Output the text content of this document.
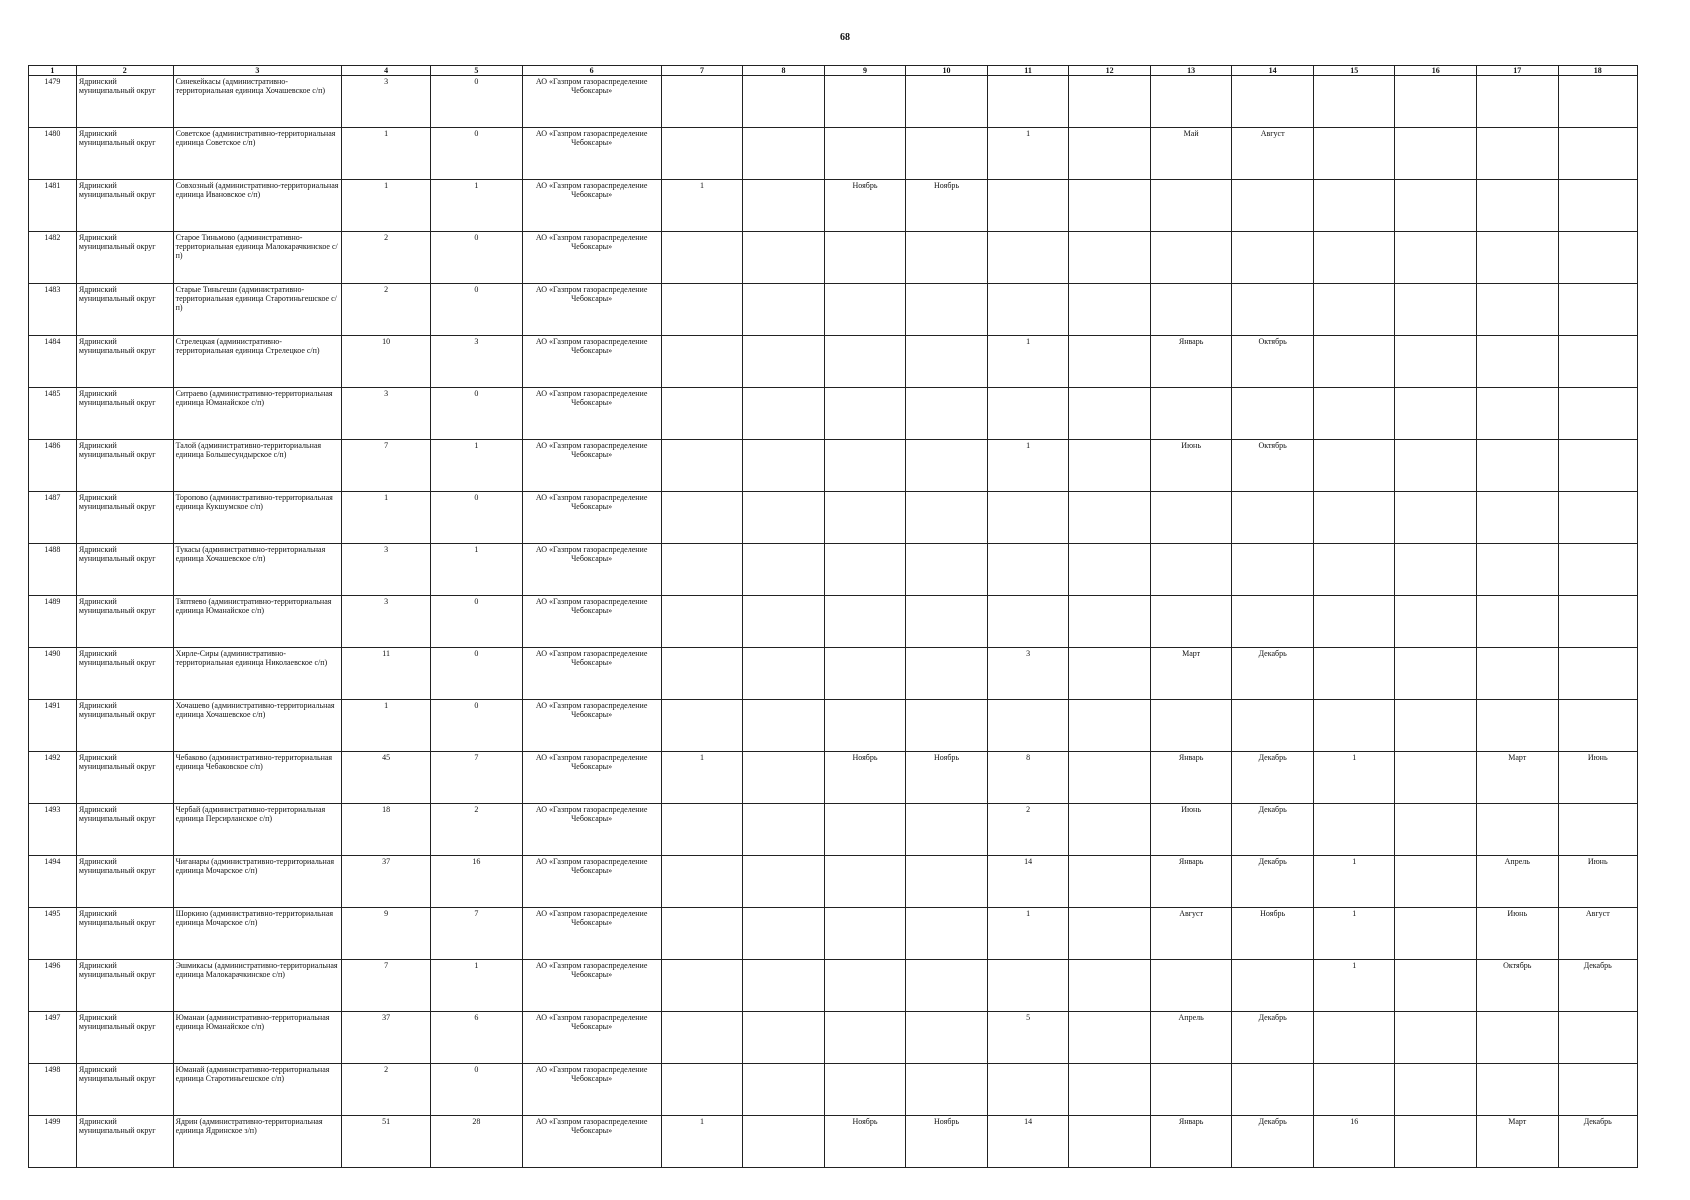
68
1	2	3	4	5	6	7	8	9	10	11	12	13	14	15	16	17	18
1479	Ядринский муниципальный округ	Синекейкасы (административно-территориальная единица Хочашевское с/п)	3	0	АО «Газпром газораспределение Чебоксары»												
1480	Ядринский муниципальный округ	Советское (административно-территориальная единица Советское с/п)	1	0	АО «Газпром газораспределение Чебоксары»					1		Май	Август				
1481	Ядринский муниципальный округ	Совхозный (административно-территориальная единица Ивановское с/п)	1	1	АО «Газпром газораспределение Чебоксары»	1		Ноябрь	Ноябрь								
1482	Ядринский муниципальный округ	Старое Тиньмово (административно-территориальная единица Малокарачкинское с/п)	2	0	АО «Газпром газораспределение Чебоксары»												
1483	Ядринский муниципальный округ	Старые Тиньгеши (административно-территориальная единица Старотиньгешское с/п)	2	0	АО «Газпром газораспределение Чебоксары»												
1484	Ядринский муниципальный округ	Стрелецкая (административно-территориальная единица Стрелецкое с/п)	10	3	АО «Газпром газораспределение Чебоксары»					1		Январь	Октябрь				
1485	Ядринский муниципальный округ	Ситраево (административно-территориальная единица Юманайское с/п)	3	0	АО «Газпром газораспределение Чебоксары»												
1486	Ядринский муниципальный округ	Талой (административно-территориальная единица Большесундырское с/п)	7	1	АО «Газпром газораспределение Чебоксары»					1		Июнь	Октябрь				
1487	Ядринский муниципальный округ	Торопово (административно-территориальная единица Кукшумское с/п)	1	0	АО «Газпром газораспределение Чебоксары»												
1488	Ядринский муниципальный округ	Тукасы (административно-территориальная единица Хочашевское с/п)	3	1	АО «Газпром газораспределение Чебоксары»												
1489	Ядринский муниципальный округ	Тяптяево (административно-территориальная единица Юманайское с/п)	3	0	АО «Газпром газораспределение Чебоксары»												
1490	Ядринский муниципальный округ	Хирле-Сиры (административно-территориальная единица Николаевское с/п)	11	0	АО «Газпром газораспределение Чебоксары»					3		Март	Декабрь				
1491	Ядринский муниципальный округ	Хочашево (административно-территориальная единица Хочашевское с/п)	1	0	АО «Газпром газораспределение Чебоксары»												
1492	Ядринский муниципальный округ	Чебаково (административно-территориальная единица Чебаковское с/п)	45	7	АО «Газпром газораспределение Чебоксары»	1		Ноябрь	Ноябрь	8		Январь	Декабрь	1		Март	Июнь
1493	Ядринский муниципальный округ	Чербай (административно-территориальная единица Персирланское с/п)	18	2	АО «Газпром газораспределение Чебоксары»					2		Июнь	Декабрь				
1494	Ядринский муниципальный округ	Чиганары (административно-территориальная единица Мочарское с/п)	37	16	АО «Газпром газораспределение Чебоксары»					14		Январь	Декабрь	1		Апрель	Июнь
1495	Ядринский муниципальный округ	Шоркино (административно-территориальная единица Мочарское с/п)	9	7	АО «Газпром газораспределение Чебоксары»					1		Август	Ноябрь	1		Июнь	Август
1496	Ядринский муниципальный округ	Эшмикасы (административно-территориальная единица Малокарачкинское с/п)	7	1	АО «Газпром газораспределение Чебоксары»									1		Октябрь	Декабрь
1497	Ядринский муниципальный округ	Юманаи (административно-территориальная единица Юманайское с/п)	37	6	АО «Газпром газораспределение Чебоксары»					5		Апрель	Декабрь				
1498	Ядринский муниципальный округ	Юманай (административно-территориальная единица Старотиньгешское с/п)	2	0	АО «Газпром газораспределение Чебоксары»												
1499	Ядринский муниципальный округ	Ядрин (административно-территориальная единица Ядринское з/п)	51	28	АО «Газпром газораспределение Чебоксары»	1		Ноябрь	Ноябрь	14		Январь	Декабрь	16		Март	Декабрь
